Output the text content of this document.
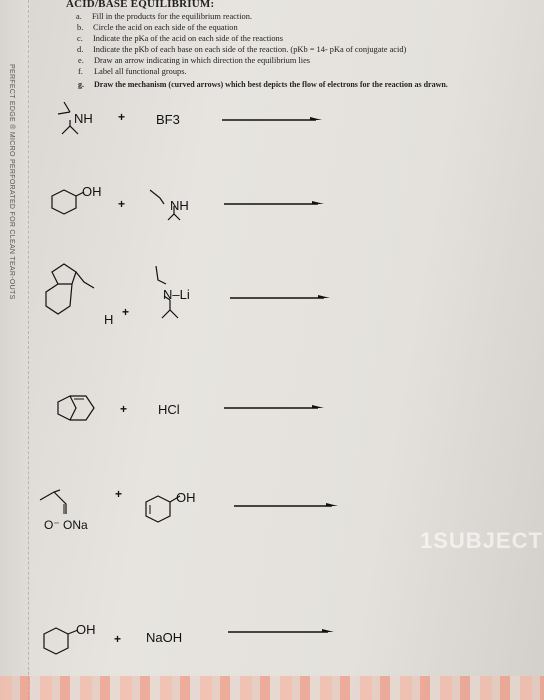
PERFECT EDGE ® MICRO PERFORATED FOR CLEAN TEAR-OUTS
ACID/BASE EQUILIBRIUM:
a. Fill in the products for the equilibrium reaction.
b. Circle the acid on each side of the equation
c. Indicate the pKa of the acid on each side of the reactions
d. Indicate the pKb of each base on each side of the reaction. (pKb = 14- pKa of conjugate acid)
e. Draw an arrow indicating in which direction the equilibrium lies
f. Label all functional groups.
g. Draw the mechanism (curved arrows) which best depicts the flow of electrons for the reaction as drawn.
NH + BF3
OH
+	NH
H +
N–Li
+ HCl
O⁻ ONa
+	OH
OH
+ NaOH
1SUBJECT
